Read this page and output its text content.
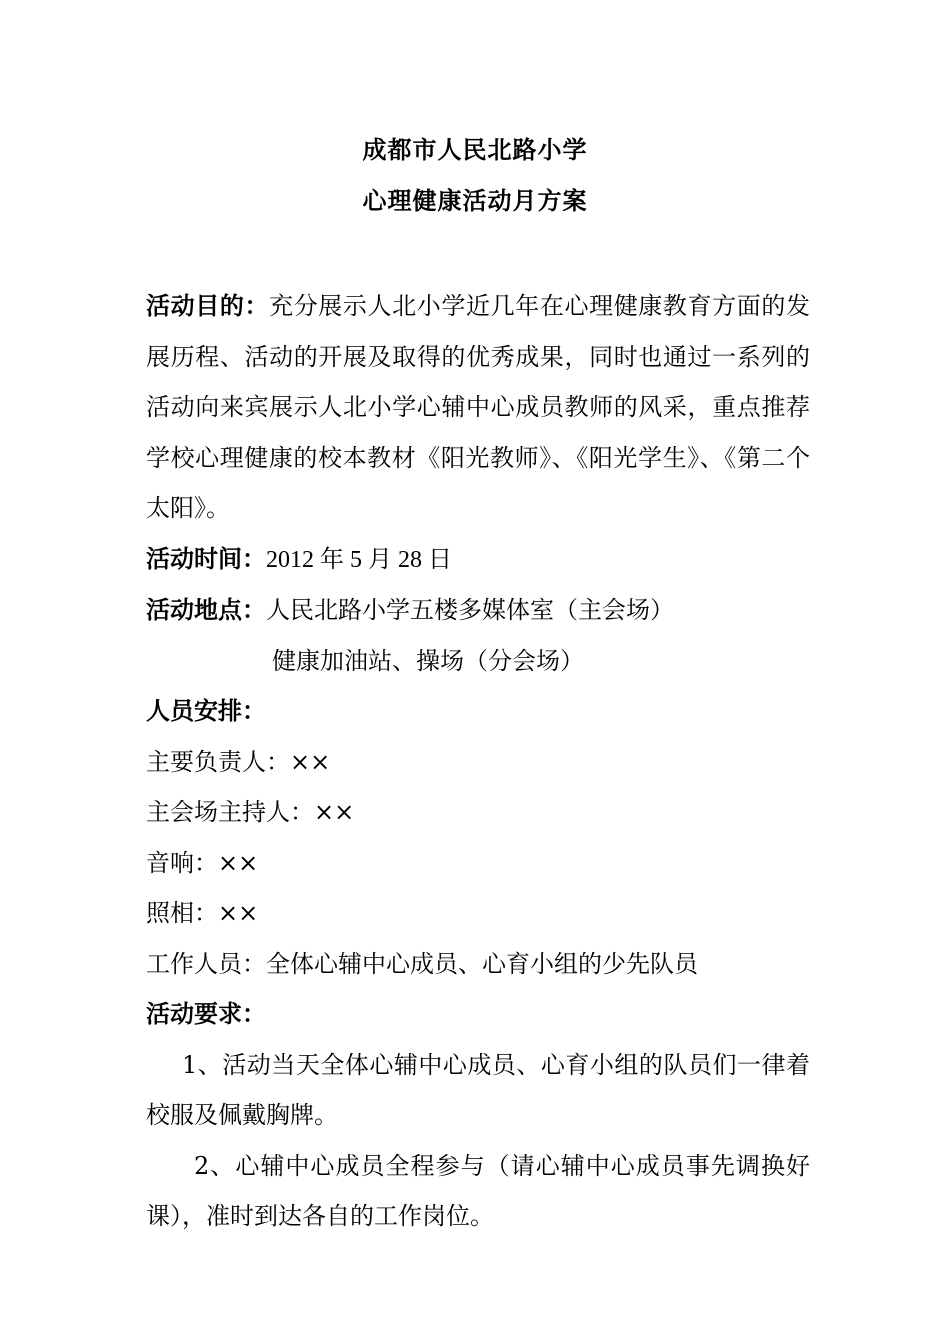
成都市人民北路小学
心理健康活动月方案

活动目的：充分展示人北小学近几年在心理健康教育方面的发展历程、活动的开展及取得的优秀成果，同时也通过一系列的活动向来宾展示人北小学心辅中心成员教师的风采，重点推荐学校心理健康的校本教材《阳光教师》、《阳光学生》、《第二个太阳》。

活动时间：2012 年 5 月 28 日

活动地点：人民北路小学五楼多媒体室（主会场）

健康加油站、操场（分会场）

人员安排：

主要负责人：××

主会场主持人：××

音响：××

照相：××

工作人员：全体心辅中心成员、心育小组的少先队员

活动要求：

1、活动当天全体心辅中心成员、心育小组的队员们一律着校服及佩戴胸牌。

2、心辅中心成员全程参与（请心辅中心成员事先调换好课），准时到达各自的工作岗位。
